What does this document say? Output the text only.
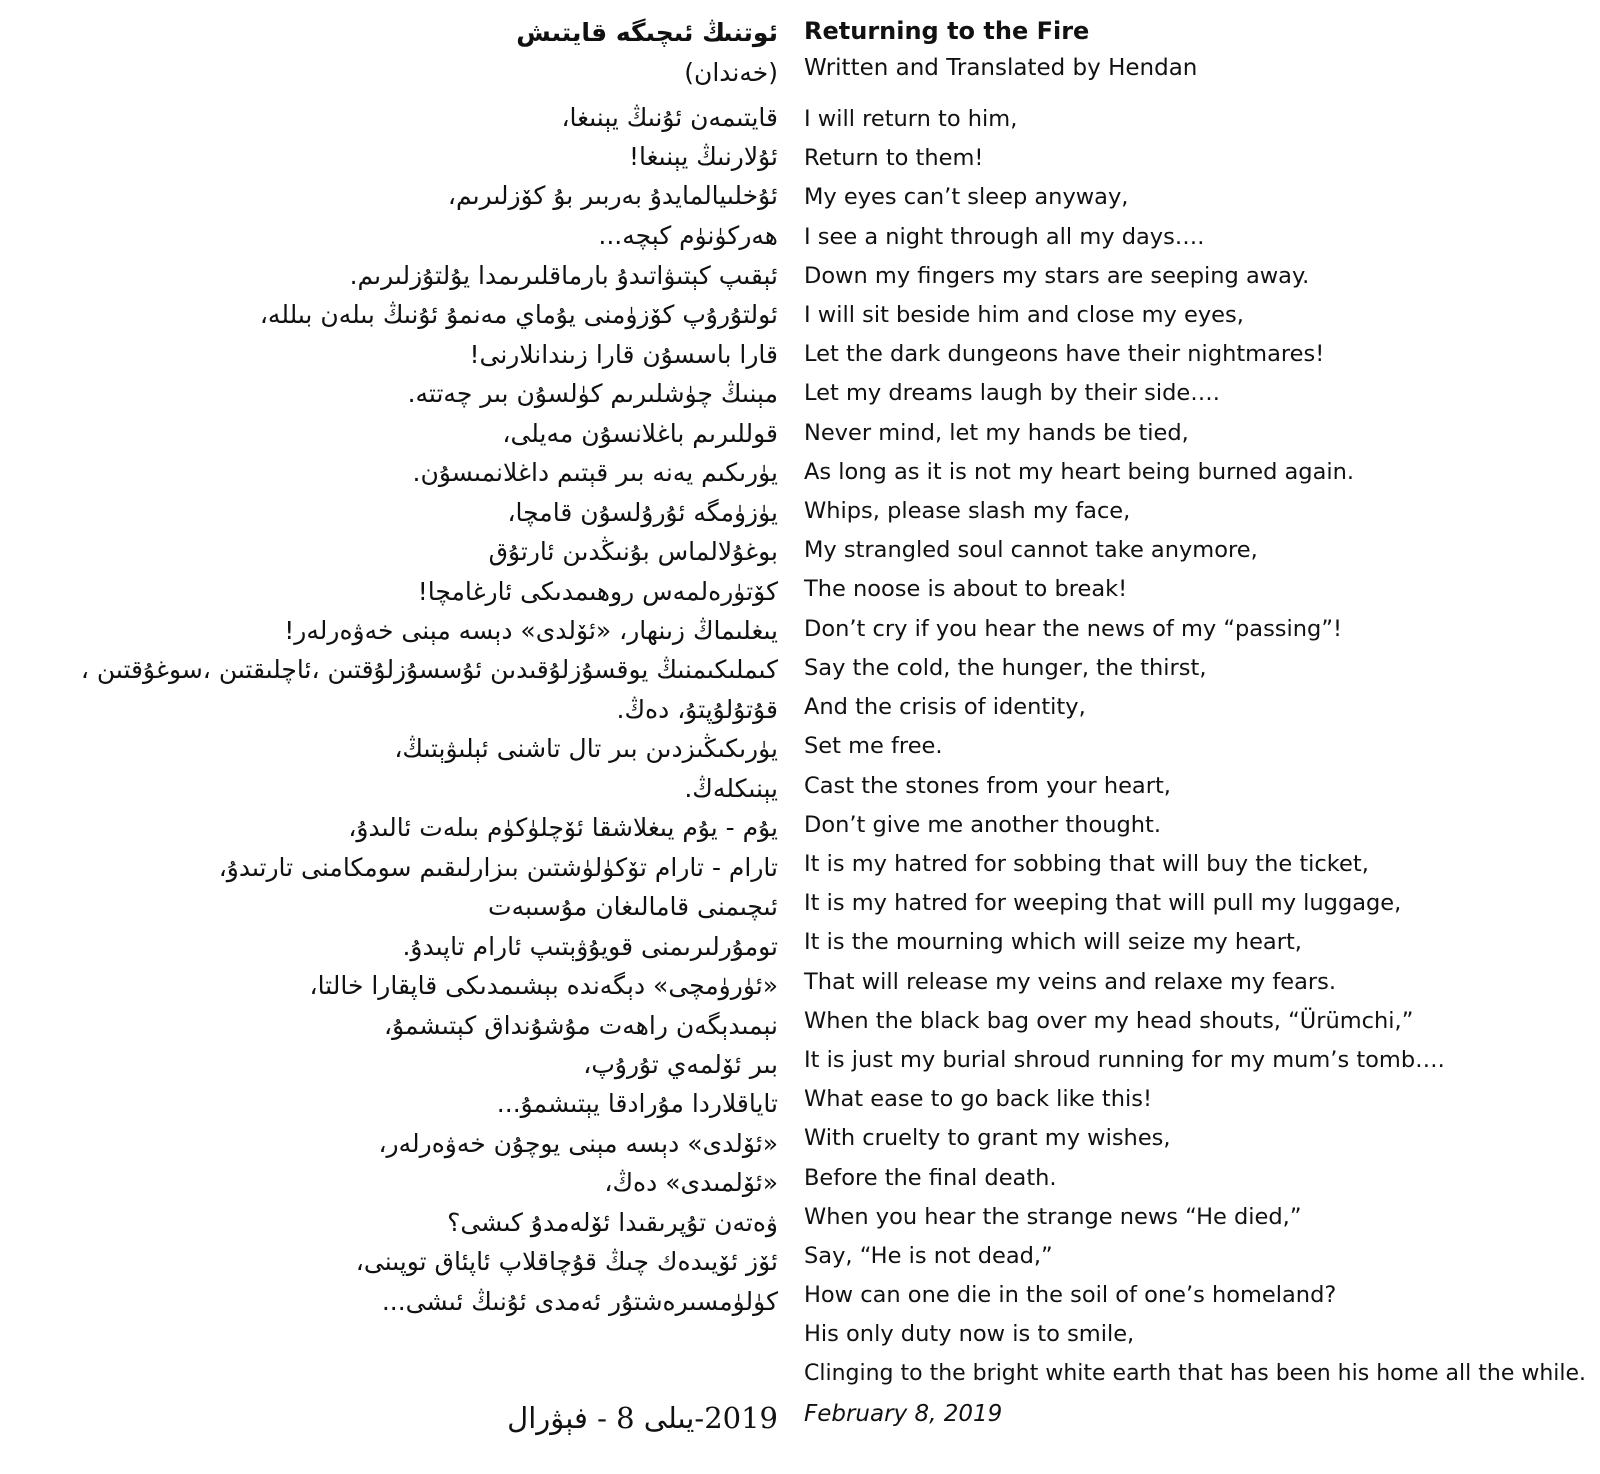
ئوتنىڭ ئىچىگە قايتىش
(خەندان)
قايتىمەن ئۇنىڭ يېنىغا،
ئۇلارنىڭ يېنىغا!
ئۇخلىيالمايدۇ بەربىر بۇ كۆزلىرىم،
ھەركۈنۈم كېچە...
ئېقىپ كېتىۋاتىدۇ بارماقلىرىمدا يۇلتۇزلىرىم.
ئولتۇرۇپ كۆزۈمنى يۇماي مەنمۇ ئۇنىڭ بىلەن بىللە،
قارا باسسۇن قارا زىندانلارنى!
مېنىڭ چۈشلىرىم كۈلسۇن بىر چەتتە.
قوللىرىم باغلانسۇن مەيلى،
يۈرىكىم يەنە بىر قېتىم داغلانمىسۇن.
يۈزۈمگە ئۇرۇلسۇن قامچا،
بوغۇلالماس بۇنىڭدىن ئارتۇق
كۆتۈرەلمەس روھىمدىكى ئارغامچا!
يىغلىماڭ زىنھار، «ئۆلدى» دېسە مېنى خەۋەرلەر!
كىملىكىمنىڭ يوقسۇزلۇقىدىن ئۇسسۇزلۇقتىن ،ئاچلىقتىن ،سوغۇقتىن ،
قۇتۇلۇپتۇ، دەڭ.
يۈرىكىڭىزدىن بىر تال تاشنى ئېلىۋېتىڭ،
يېنىكلەڭ.
يۇم - يۇم يىغلاشقا ئۆچلۈكۈم بىلەت ئالىدۇ،
تارام - تارام تۆكۈلۈشتىن بىزارلىقىم سومكامنى تارتىدۇ،
ئىچىمنى قامالىغان مۇسىبەت
تومۇرلىرىمنى قويۇۋېتىپ ئارام تاپىدۇ.
«ئۈرۈمچى» دېگەندە بېشىمدىكى قاپقارا خالتا،
نېمىدېگەن راھەت مۇشۇنداق كېتىشمۇ،
بىر ئۆلمەي تۇرۇپ،
تاياقلاردا مۇرادقا يېتىشمۇ...
«ئۆلدى» دېسە مېنى يوچۇن خەۋەرلەر،
«ئۆلمىدى» دەڭ،
ۋەتەن تۇپرىقىدا ئۆلەمدۇ كىشى؟
ئۆز ئۆيىدەك چىڭ قۇچاقلاپ ئاپئاق توپىنى،
كۈلۈمسىرەشتۇر ئەمدى ئۇنىڭ ئىشى...
2019-يىلى 8 - فېۋرال
Returning to the Fire
Written and Translated by Hendan
I will return to him,
Return to them!
My eyes can’t sleep anyway,
I see a night through all my days….
Down my fingers my stars are seeping away.
I will sit beside him and close my eyes,
Let the dark dungeons have their nightmares!
Let my dreams laugh by their side….
Never mind, let my hands be tied,
As long as it is not my heart being burned again.
Whips, please slash my face,
My strangled soul cannot take anymore,
The noose is about to break!
Don’t cry if you hear the news of my “passing”!
Say the cold, the hunger, the thirst,
And the crisis of identity,
Set me free.
Cast the stones from your heart,
Don’t give me another thought.
It is my hatred for sobbing that will buy the ticket,
It is my hatred for weeping that will pull my luggage,
It is the mourning which will seize my heart,
That will release my veins and relaxe my fears.
When the black bag over my head shouts, “Ürümchi,”
It is just my burial shroud running for my mum’s tomb….
What ease to go back like this!
With cruelty to grant my wishes,
Before the final death.
When you hear the strange news “He died,”
Say, “He is not dead,”
How can one die in the soil of one’s homeland?
His only duty now is to smile,
Clinging to the bright white earth that has been his home all the while.
February 8, 2019
